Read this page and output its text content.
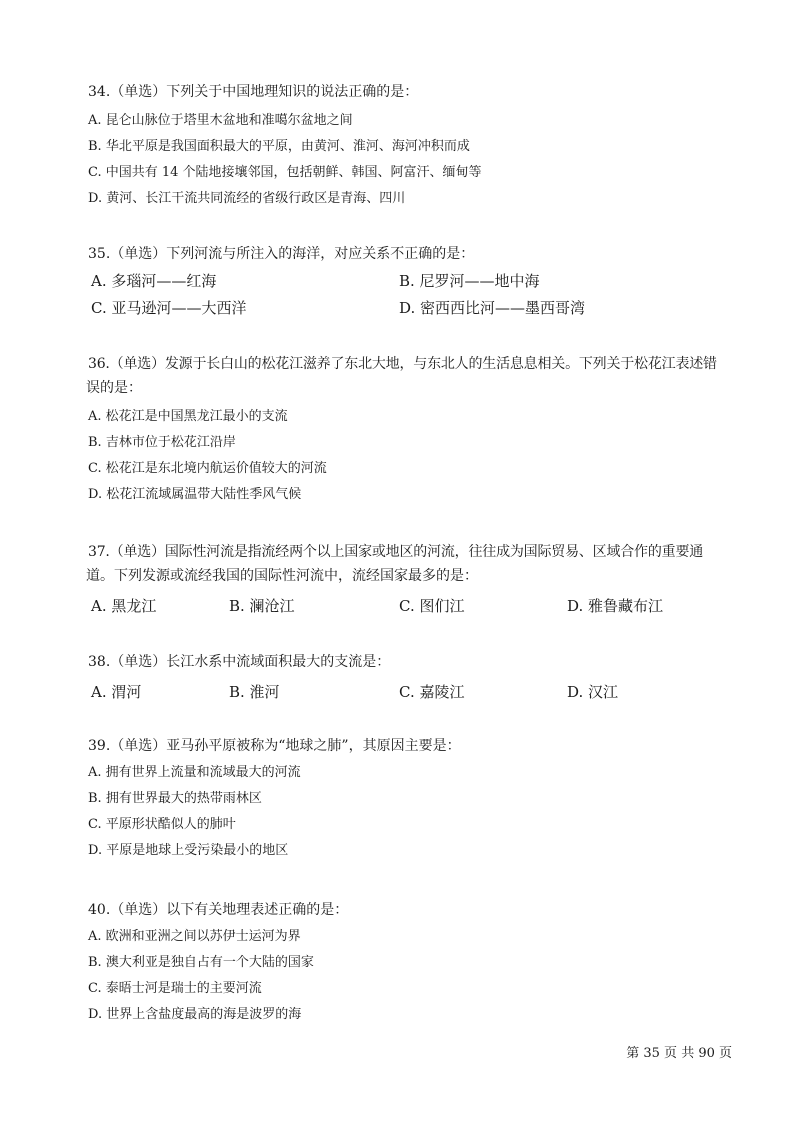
34.（单选）下列关于中国地理知识的说法正确的是：

A. 昆仑山脉位于塔里木盆地和准噶尔盆地之间
B. 华北平原是我国面积最大的平原，由黄河、淮河、海河冲积而成
C. 中国共有 14 个陆地接壤邻国，包括朝鲜、韩国、阿富汗、缅甸等
D. 黄河、长江干流共同流经的省级行政区是青海、四川

35.（单选）下列河流与所注入的海洋，对应关系不正确的是：

A. 多瑙河——红海	B. 尼罗河——地中海
C. 亚马逊河——大西洋	D. 密西西比河——墨西哥湾

36.（单选）发源于长白山的松花江滋养了东北大地，与东北人的生活息息相关。下列关于松花江表述错

误的是：

A. 松花江是中国黑龙江最小的支流
B. 吉林市位于松花江沿岸
C. 松花江是东北境内航运价值较大的河流
D. 松花江流域属温带大陆性季风气候

37.（单选）国际性河流是指流经两个以上国家或地区的河流，往往成为国际贸易、区域合作的重要通

道。下列发源或流经我国的国际性河流中，流经国家最多的是：

A. 黑龙江	B. 澜沧江	C. 图们江	D. 雅鲁藏布江

38.（单选）长江水系中流域面积最大的支流是：

A. 渭河	B. 淮河	C. 嘉陵江	D. 汉江

39.（单选）亚马孙平原被称为“地球之肺”，其原因主要是：

A. 拥有世界上流量和流域最大的河流
B. 拥有世界最大的热带雨林区
C. 平原形状酷似人的肺叶
D. 平原是地球上受污染最小的地区

40.（单选）以下有关地理表述正确的是：

A. 欧洲和亚洲之间以苏伊士运河为界
B. 澳大利亚是独自占有一个大陆的国家
C. 泰晤士河是瑞士的主要河流
D. 世界上含盐度最高的海是波罗的海
第 35 页 共 90 页
